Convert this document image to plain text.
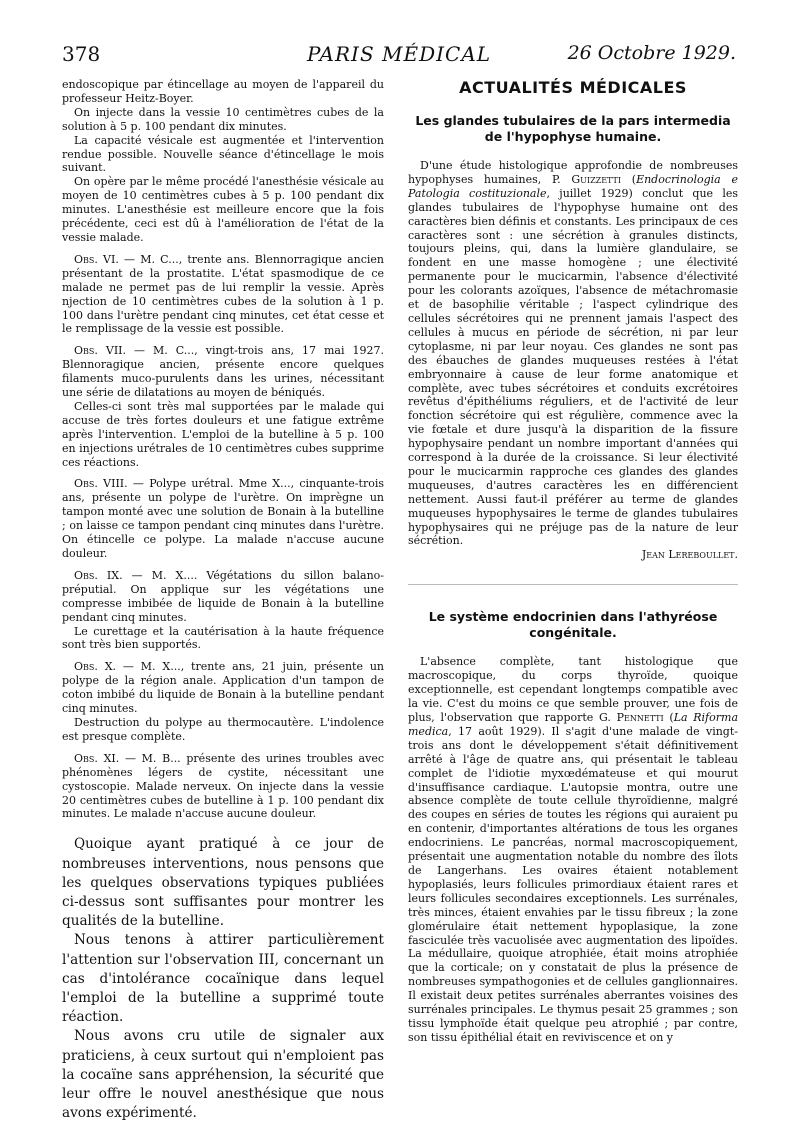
378	PARIS MÉDICAL	26 Octobre 1929.

endoscopique par étincellage au moyen de l'appareil du professeur Heitz-Boyer.

On injecte dans la vessie 10 centimètres cubes de la solution à 5 p. 100 pendant dix minutes.

La capacité vésicale est augmentée et l'intervention rendue possible. Nouvelle séance d'étincellage le mois suivant.

On opère par le même procédé l'anesthésie vésicale au moyen de 10 centimètres cubes à 5 p. 100 pendant dix minutes. L'anesthésie est meilleure encore que la fois précédente, ceci est dû à l'amélioration de l'état de la vessie malade.

Obs. VI. — M. C..., trente ans. Blennorragique ancien présentant de la prostatite. L'état spasmodique de ce malade ne permet pas de lui remplir la vessie. Après njection de 10 centimètres cubes de la solution à 1 p. 100 dans l'urètre pendant cinq minutes, cet état cesse et le remplissage de la vessie est possible.

Obs. VII. — M. C..., vingt-trois ans, 17 mai 1927. Blennoragique ancien, présente encore quelques filaments muco-purulents dans les urines, nécessitant une série de dilatations au moyen de béniqués.

Celles-ci sont très mal supportées par le malade qui accuse de très fortes douleurs et une fatigue extrême après l'intervention. L'emploi de la butelline à 5 p. 100 en injections urétrales de 10 centimètres cubes supprime ces réactions.

Obs. VIII. — Polype urétral. Mme X..., cinquante-trois ans, présente un polype de l'urètre. On imprègne un tampon monté avec une solution de Bonain à la butelline ; on laisse ce tampon pendant cinq minutes dans l'urètre. On étincelle ce polype. La malade n'accuse aucune douleur.

Obs. IX. — M. X.... Végétations du sillon balano-préputial. On applique sur les végétations une compresse imbibée de liquide de Bonain à la butelline pendant cinq minutes.

Le curettage et la cautérisation à la haute fréquence sont très bien supportés.

Obs. X. — M. X..., trente ans, 21 juin, présente un polype de la région anale. Application d'un tampon de coton imbibé du liquide de Bonain à la butelline pendant cinq minutes.

Destruction du polype au thermocautère. L'indolence est presque complète.

Obs. XI. — M. B... présente des urines troubles avec phénomènes légers de cystite, nécessitant une cystoscopie. Malade nerveux. On injecte dans la vessie 20 centimètres cubes de butelline à 1 p. 100 pendant dix minutes. Le malade n'accuse aucune douleur.

Quoique ayant pratiqué à ce jour de nombreuses interventions, nous pensons que les quelques observations typiques publiées ci-dessus sont suffisantes pour montrer les qualités de la butelline.

Nous tenons à attirer particulièrement l'attention sur l'observation III, concernant un cas d'intolérance cocaïnique dans lequel l'emploi de la butelline a supprimé toute réaction.

Nous avons cru utile de signaler aux praticiens, à ceux surtout qui n'emploient pas la cocaïne sans appréhension, la sécurité que leur offre le nouvel anesthésique que nous avons expérimenté.

ACTUALITÉS MÉDICALES
Les glandes tubulaires de la pars intermedia de l'hypophyse humaine.

D'une étude histologique approfondie de nombreuses hypophyses humaines, P. Guizzetti (Endocrinologia e Patologia costituzionale, juillet 1929) conclut que les glandes tubulaires de l'hypophyse humaine ont des caractères bien définis et constants. Les principaux de ces caractères sont : une sécrétion à granules distincts, toujours pleins, qui, dans la lumière glandulaire, se fondent en une masse homogène ; une électivité permanente pour le mucicarmin, l'absence d'électivité pour les colorants azoïques, l'absence de métachromasie et de basophilie véritable ; l'aspect cylindrique des cellules sécrétoires qui ne prennent jamais l'aspect des cellules à mucus en période de sécrétion, ni par leur cytoplasme, ni par leur noyau. Ces glandes ne sont pas des ébauches de glandes muqueuses restées à l'état embryonnaire à cause de leur forme anatomique et complète, avec tubes sécrétoires et conduits excrétoires revêtus d'épithéliums réguliers, et de l'activité de leur fonction sécrétoire qui est régulière, commence avec la vie fœtale et dure jusqu'à la disparition de la fissure hypophysaire pendant un nombre important d'années qui correspond à la durée de la croissance. Si leur électivité pour le mucicarmin rapproche ces glandes des glandes muqueuses, d'autres caractères les en différencient nettement. Aussi faut-il préférer au terme de glandes muqueuses hypophysaires le terme de glandes tubulaires hypophysaires qui ne préjuge pas de la nature de leur sécrétion.

Jean Lereboullet.
Le système endocrinien dans l'athyréose congénitale.

L'absence complète, tant histologique que macroscopique, du corps thyroïde, quoique exceptionnelle, est cependant longtemps compatible avec la vie. C'est du moins ce que semble prouver, une fois de plus, l'observation que rapporte G. Pennetti (La Riforma medica, 17 août 1929). Il s'agit d'une malade de vingt-trois ans dont le développement s'était définitivement arrêté à l'âge de quatre ans, qui présentait le tableau complet de l'idiotie myxœdémateuse et qui mourut d'insuffisance cardiaque. L'autopsie montra, outre une absence complète de toute cellule thyroïdienne, malgré des coupes en séries de toutes les régions qui auraient pu en contenir, d'importantes altérations de tous les organes endocriniens. Le pancréas, normal macroscopiquement, présentait une augmentation notable du nombre des îlots de Langerhans. Les ovaires étaient notablement hypoplasiés, leurs follicules primordiaux étaient rares et leurs follicules secondaires exceptionnels. Les surrénales, très minces, étaient envahies par le tissu fibreux ; la zone glomérulaire était nettement hypoplasique, la zone fasciculée très vacuolisée avec augmentation des lipoïdes. La médullaire, quoique atrophiée, était moins atrophiée que la corticale; on y constatait de plus la présence de nombreuses sympathogonies et de cellules ganglionnaires. Il existait deux petites surrénales aberrantes voisines des surrénales principales. Le thymus pesait 25 grammes ; son tissu lymphoïde était quelque peu atrophié ; par contre, son tissu épithélial était en reviviscence et on y
